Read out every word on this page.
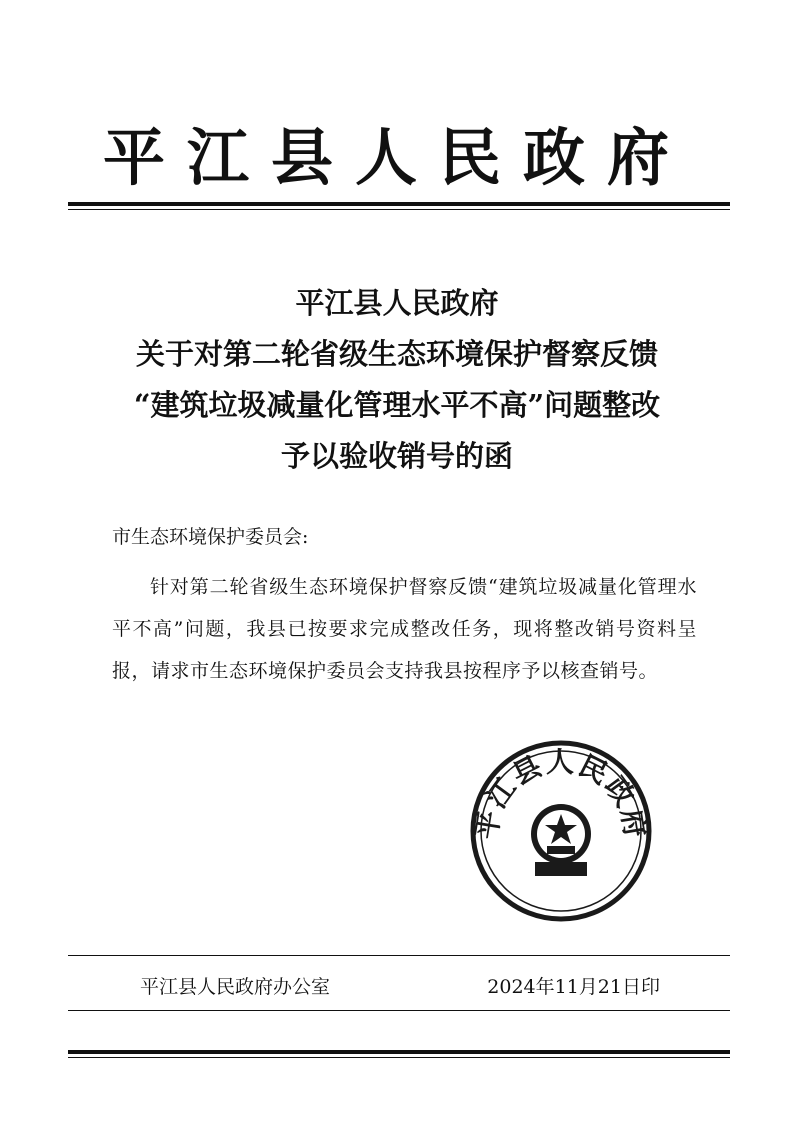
平江县人民政府
平江县人民政府
关于对第二轮省级生态环境保护督察反馈
“建筑垃圾减量化管理水平不高”问题整改
予以验收销号的函
市生态环境保护委员会:
针对第二轮省级生态环境保护督察反馈“建筑垃圾减量化管理水平不高”问题，我县已按要求完成整改任务，现将整改销号资料呈报，请求市生态环境保护委员会支持我县按程序予以核查销号。
平江县人民政府
平江县人民政府办公室	2024年11月21日印
